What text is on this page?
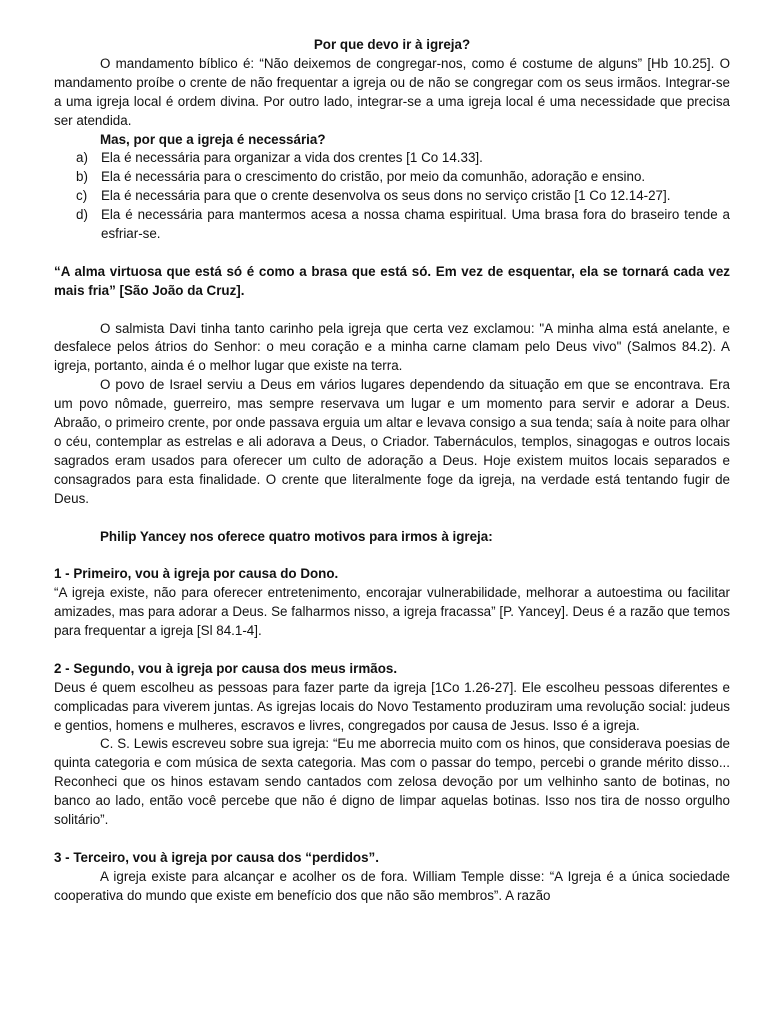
Por que devo ir à igreja?

O mandamento bíblico é: “Não deixemos de congregar-nos, como é costume de alguns” [Hb 10.25]. O mandamento proíbe o crente de não frequentar a igreja ou de não se congregar com os seus irmãos. Integrar-se a uma igreja local é ordem divina. Por outro lado, integrar-se a uma igreja local é uma necessidade que precisa ser atendida.

Mas, por que a igreja é necessária?

a) Ela é necessária para organizar a vida dos crentes [1 Co 14.33].
b) Ela é necessária para o crescimento do cristão, por meio da comunhão, adoração e ensino.
c)	Ela é necessária para que o crente desenvolva os seus dons no serviço cristão [1 Co 12.14-27].
d) Ela é necessária para mantermos acesa a nossa chama espiritual. Uma brasa fora do braseiro tende a esfriar-se.

“A alma virtuosa que está só é como a brasa que está só. Em vez de esquentar, ela se tornará cada vez mais fria” [São João da Cruz].

O salmista Davi tinha tanto carinho pela igreja que certa vez exclamou: "A minha alma está anelante, e desfalece pelos átrios do Senhor: o meu coração e a minha carne clamam pelo Deus vivo" (Salmos 84.2). A igreja, portanto, ainda é o melhor lugar que existe na terra.

O povo de Israel serviu a Deus em vários lugares dependendo da situação em que se encontrava. Era um povo nômade, guerreiro, mas sempre reservava um lugar e um momento para servir e adorar a Deus. Abraão, o primeiro crente, por onde passava erguia um altar e levava consigo a sua tenda; saía à noite para olhar o céu, contemplar as estrelas e ali adorava a Deus, o Criador. Tabernáculos, templos, sinagogas e outros locais sagrados eram usados para oferecer um culto de adoração a Deus. Hoje existem muitos locais separados e consagrados para esta finalidade. O crente que literalmente foge da igreja, na verdade está tentando fugir de Deus.

Philip Yancey nos oferece quatro motivos para irmos à igreja:

1 - Primeiro, vou à igreja por causa do Dono.

“A igreja existe, não para oferecer entretenimento, encorajar vulnerabilidade, melhorar a autoestima ou facilitar amizades, mas para adorar a Deus. Se falharmos nisso, a igreja fracassa” [P. Yancey]. Deus é a razão que temos para frequentar a igreja [Sl 84.1-4].

2 - Segundo, vou à igreja por causa dos meus irmãos.

Deus é quem escolheu as pessoas para fazer parte da igreja [1Co 1.26-27]. Ele escolheu pessoas diferentes e complicadas para viverem juntas. As igrejas locais do Novo Testamento produziram uma revolução social: judeus e gentios, homens e mulheres, escravos e livres, congregados por causa de Jesus. Isso é a igreja.

C. S. Lewis escreveu sobre sua igreja: “Eu me aborrecia muito com os hinos, que considerava poesias de quinta categoria e com música de sexta categoria. Mas com o passar do tempo, percebi o grande mérito disso... Reconheci que os hinos estavam sendo cantados com zelosa devoção por um velhinho santo de botinas, no banco ao lado, então você percebe que não é digno de limpar aquelas botinas. Isso nos tira de nosso orgulho solitário”.

3 - Terceiro, vou à igreja por causa dos “perdidos”.

A igreja existe para alcançar e acolher os de fora. William Temple disse: “A Igreja é a única sociedade cooperativa do mundo que existe em benefício dos que não são membros”. A razão
